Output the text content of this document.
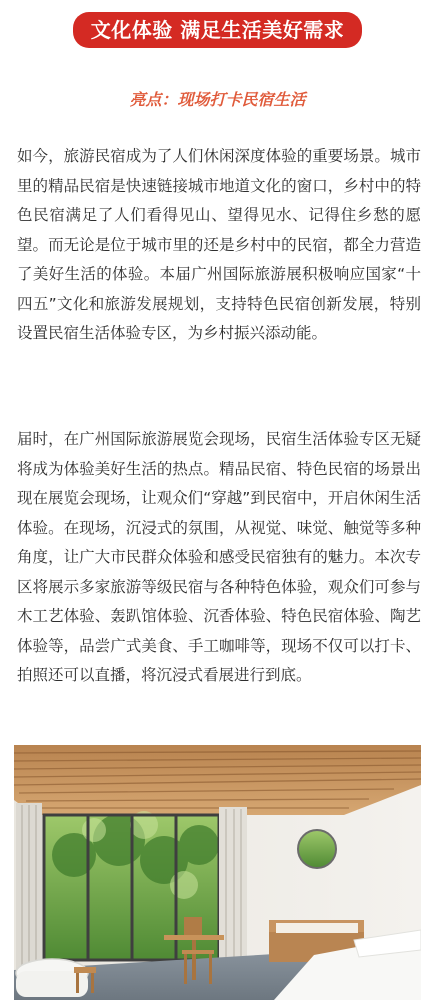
文化体验 满足生活美好需求
亮点：现场打卡民宿生活

如今，旅游民宿成为了人们休闲深度体验的重要场景。城市里的精品民宿是快速链接城市地道文化的窗口，乡村中的特色民宿满足了人们看得见山、望得见水、记得住乡愁的愿望。而无论是位于城市里的还是乡村中的民宿，都全力营造了美好生活的体验。本届广州国际旅游展积极响应国家“十四五”文化和旅游发展规划，支持特色民宿创新发展，特别设置民宿生活体验专区，为乡村振兴添动能。

届时，在广州国际旅游展览会现场，民宿生活体验专区无疑将成为体验美好生活的热点。精品民宿、特色民宿的场景出现在展览会现场，让观众们“穿越”到民宿中，开启休闲生活体验。在现场，沉浸式的氛围，从视觉、味觉、触觉等多种角度，让广大市民群众体验和感受民宿独有的魅力。本次专区将展示多家旅游等级民宿与各种特色体验，观众们可参与木工艺体验、轰趴馆体验、沉香体验、特色民宿体验、陶艺体验等，品尝广式美食、手工咖啡等，现场不仅可以打卡、拍照还可以直播，将沉浸式看展进行到底。
